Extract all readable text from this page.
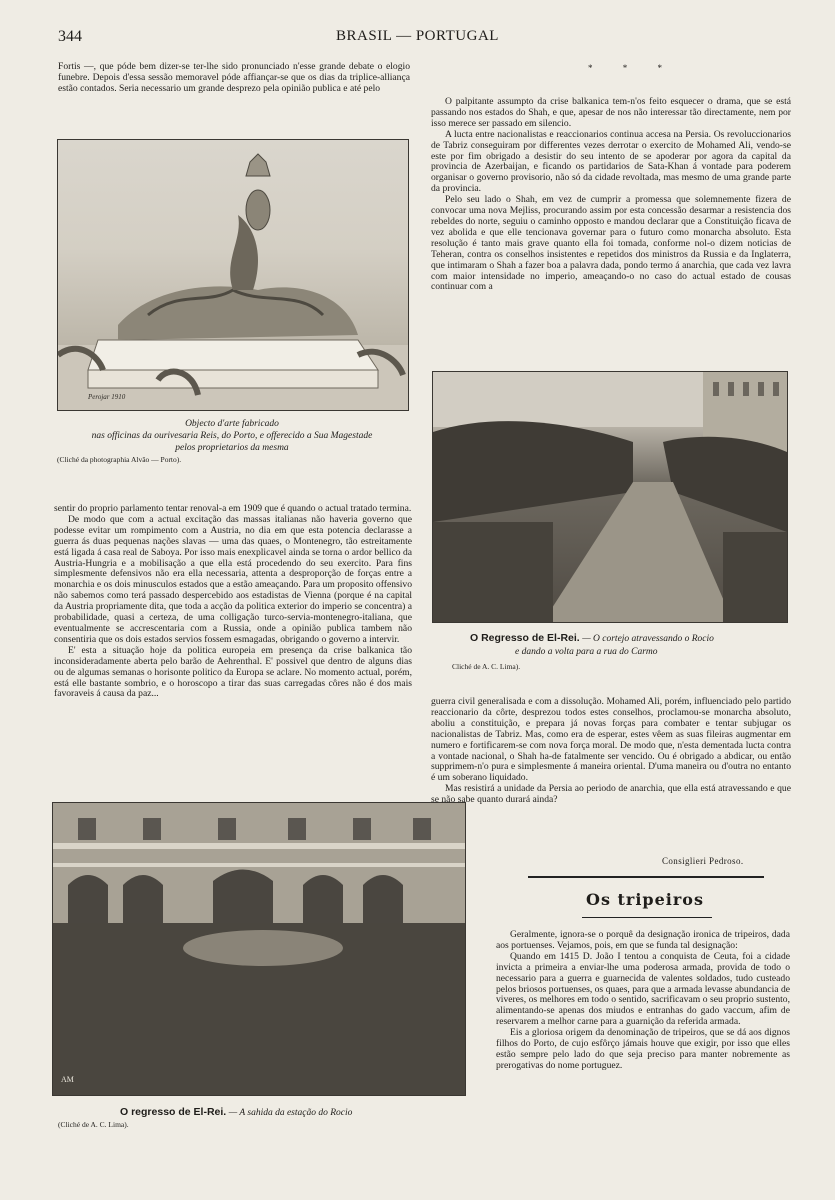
344	BRASIL — PORTUGAL

Fortis —, que póde bem dizer-se ter-lhe sido pronunciado n'esse grande debate o elogio funebre. Depois d'essa sessão memoravel póde affiançar-se que os dias da triplice-alliança estão contados. Seria necessario um grande desprezo pela opinião publica e até pelo

Perojar 1910
Objecto d'arte fabricado
nas officinas da ourivesaria Reis, do Porto, e offerecido a Sua Magestade
pelos proprietarios da mesma
(Cliché da photographia Alvão — Porto).

sentir do proprio parlamento tentar renoval-a em 1909 que é quando o actual tratado termina.

De modo que com a actual excitação das massas italianas não haveria governo que podesse evitar um rompimento com a Austria, no dia em que esta potencia declarasse a guerra ás duas pequenas nações slavas — uma das quaes, o Montenegro, tão estreitamente está ligada á casa real de Saboya. Por isso mais enexplicavel ainda se torna o ardor bellico da Austria-Hungria e a mobilisação a que ella está procedendo do seu exercito. Para fins simplesmente defensivos não era ella necessaria, attenta a desproporção de forças entre a monarchia e os dois minusculos estados que a estão ameaçando. Para um proposito offensivo não sabemos como terá passado despercebido aos estadistas de Vienna (porque é na capital da Austria propriamente dita, que toda a acção da politica exterior do imperio se concentra) a probabilidade, quasi a certeza, de uma colligação turco-servia-montenegro-italiana, que eventualmente se accrescentaria com a Russia, onde a opinião publica tambem não consentiria que os dois estados servios fossem esmagadas, obrigando o governo a intervir.

E' esta a situação hoje da politica europeia em presença da crise balkanica tão inconsideradamente aberta pelo barão de Aehrenthal. E' possivel que dentro de alguns dias ou de algumas semanas o horisonte politico da Europa se aclare. No momento actual, porém, está elle bastante sombrio, e o horoscopo a tirar das suas carregadas côres não é dos mais favoraveis á causa da paz...

AM
O regresso de El-Rei. — A sahida da estação do Rocio
(Cliché de A. C. Lima).
* * *

O palpitante assumpto da crise balkanica tem-n'os feito esquecer o drama, que se está passando nos estados do Shah, e que, apesar de nos não interessar tão directamente, nem por isso merece ser passado em silencio.

A lucta entre nacionalistas e reaccionarios continua accesa na Persia. Os revoluccionarios de Tabriz conseguiram por differentes vezes derrotar o exercito de Mohamed Ali, vendo-se este por fim obrigado a desistir do seu intento de se apoderar por agora da capital da provincia de Azerbaijan, e ficando os partidarios de Sata-Khan á vontade para poderem organisar o governo provisorio, não só da cidade revoltada, mas mesmo de uma grande parte da provincia.

Pelo seu lado o Shah, em vez de cumprir a promessa que solemnemente fizera de convocar uma nova Mejliss, procurando assim por esta concessão desarmar a resistencia dos rebeldes do norte, seguiu o caminho opposto e mandou declarar que a Constituição ficava de vez abolida e que elle tencionava governar para o futuro como monarcha absoluto. Esta resolução é tanto mais grave quanto ella foi tomada, conforme nol-o dizem noticias de Teheran, contra os conselhos insistentes e repetidos dos ministros da Russia e da Inglaterra, que intimaram o Shah a fazer boa a palavra dada, pondo termo á anarchia, que cada vez lavra com maior intensidade no imperio, ameaçando-o no caso do actual estado de cousas continuar com a

O Regresso de El-Rei. — O cortejo atravessando o Rocio
e dando a volta para a rua do Carmo
Cliché de A. C. Lima).

guerra civil generalisada e com a dissolução. Mohamed Ali, porém, influenciado pelo partido reaccionario da côrte, desprezou todos estes conselhos, proclamou-se monarcha absoluto, aboliu a constituição, e prepara já novas forças para combater e tentar subjugar os nacionalistas de Tabriz. Mas, como era de esperar, estes vêem as suas fileiras augmentar em numero e fortificarem-se com nova força moral. De modo que, n'esta dementada lucta contra a vontade nacional, o Shah ha-de fatalmente ser vencido. Ou é obrigado a abdicar, ou então supprimem-n'o pura e simplesmente á maneira oriental. D'uma maneira ou d'outra no entanto é um soberano liquidado.

Mas resistirá a unidade da Persia ao periodo de anarchia, que ella está atravessando e que se não sabe quanto durará ainda?

Consiglieri Pedroso.
Os tripeiros

Geralmente, ignora-se o porquê da designação ironica de tripeiros, dada aos portuenses. Vejamos, pois, em que se funda tal designação:

Quando em 1415 D. João I tentou a conquista de Ceuta, foi a cidade invicta a primeira a enviar-lhe uma poderosa armada, provida de todo o necessario para a guerra e guarnecida de valentes soldados, tudo custeado pelos briosos portuenses, os quaes, para que a armada levasse abundancia de viveres, os melhores em todo o sentido, sacrificavam o seu proprio sustento, alimentando-se apenas dos miudos e entranhas do gado vaccum, afim de reservarem a melhor carne para a guarnição da referida armada.

Eis a gloriosa origem da denominação de tripeiros, que se dá aos dignos filhos do Porto, de cujo esfôrço jámais houve que exigir, por isso que elles estão sempre pelo lado do que seja preciso para manter nobremente as prerogativas do nome portuguez.
